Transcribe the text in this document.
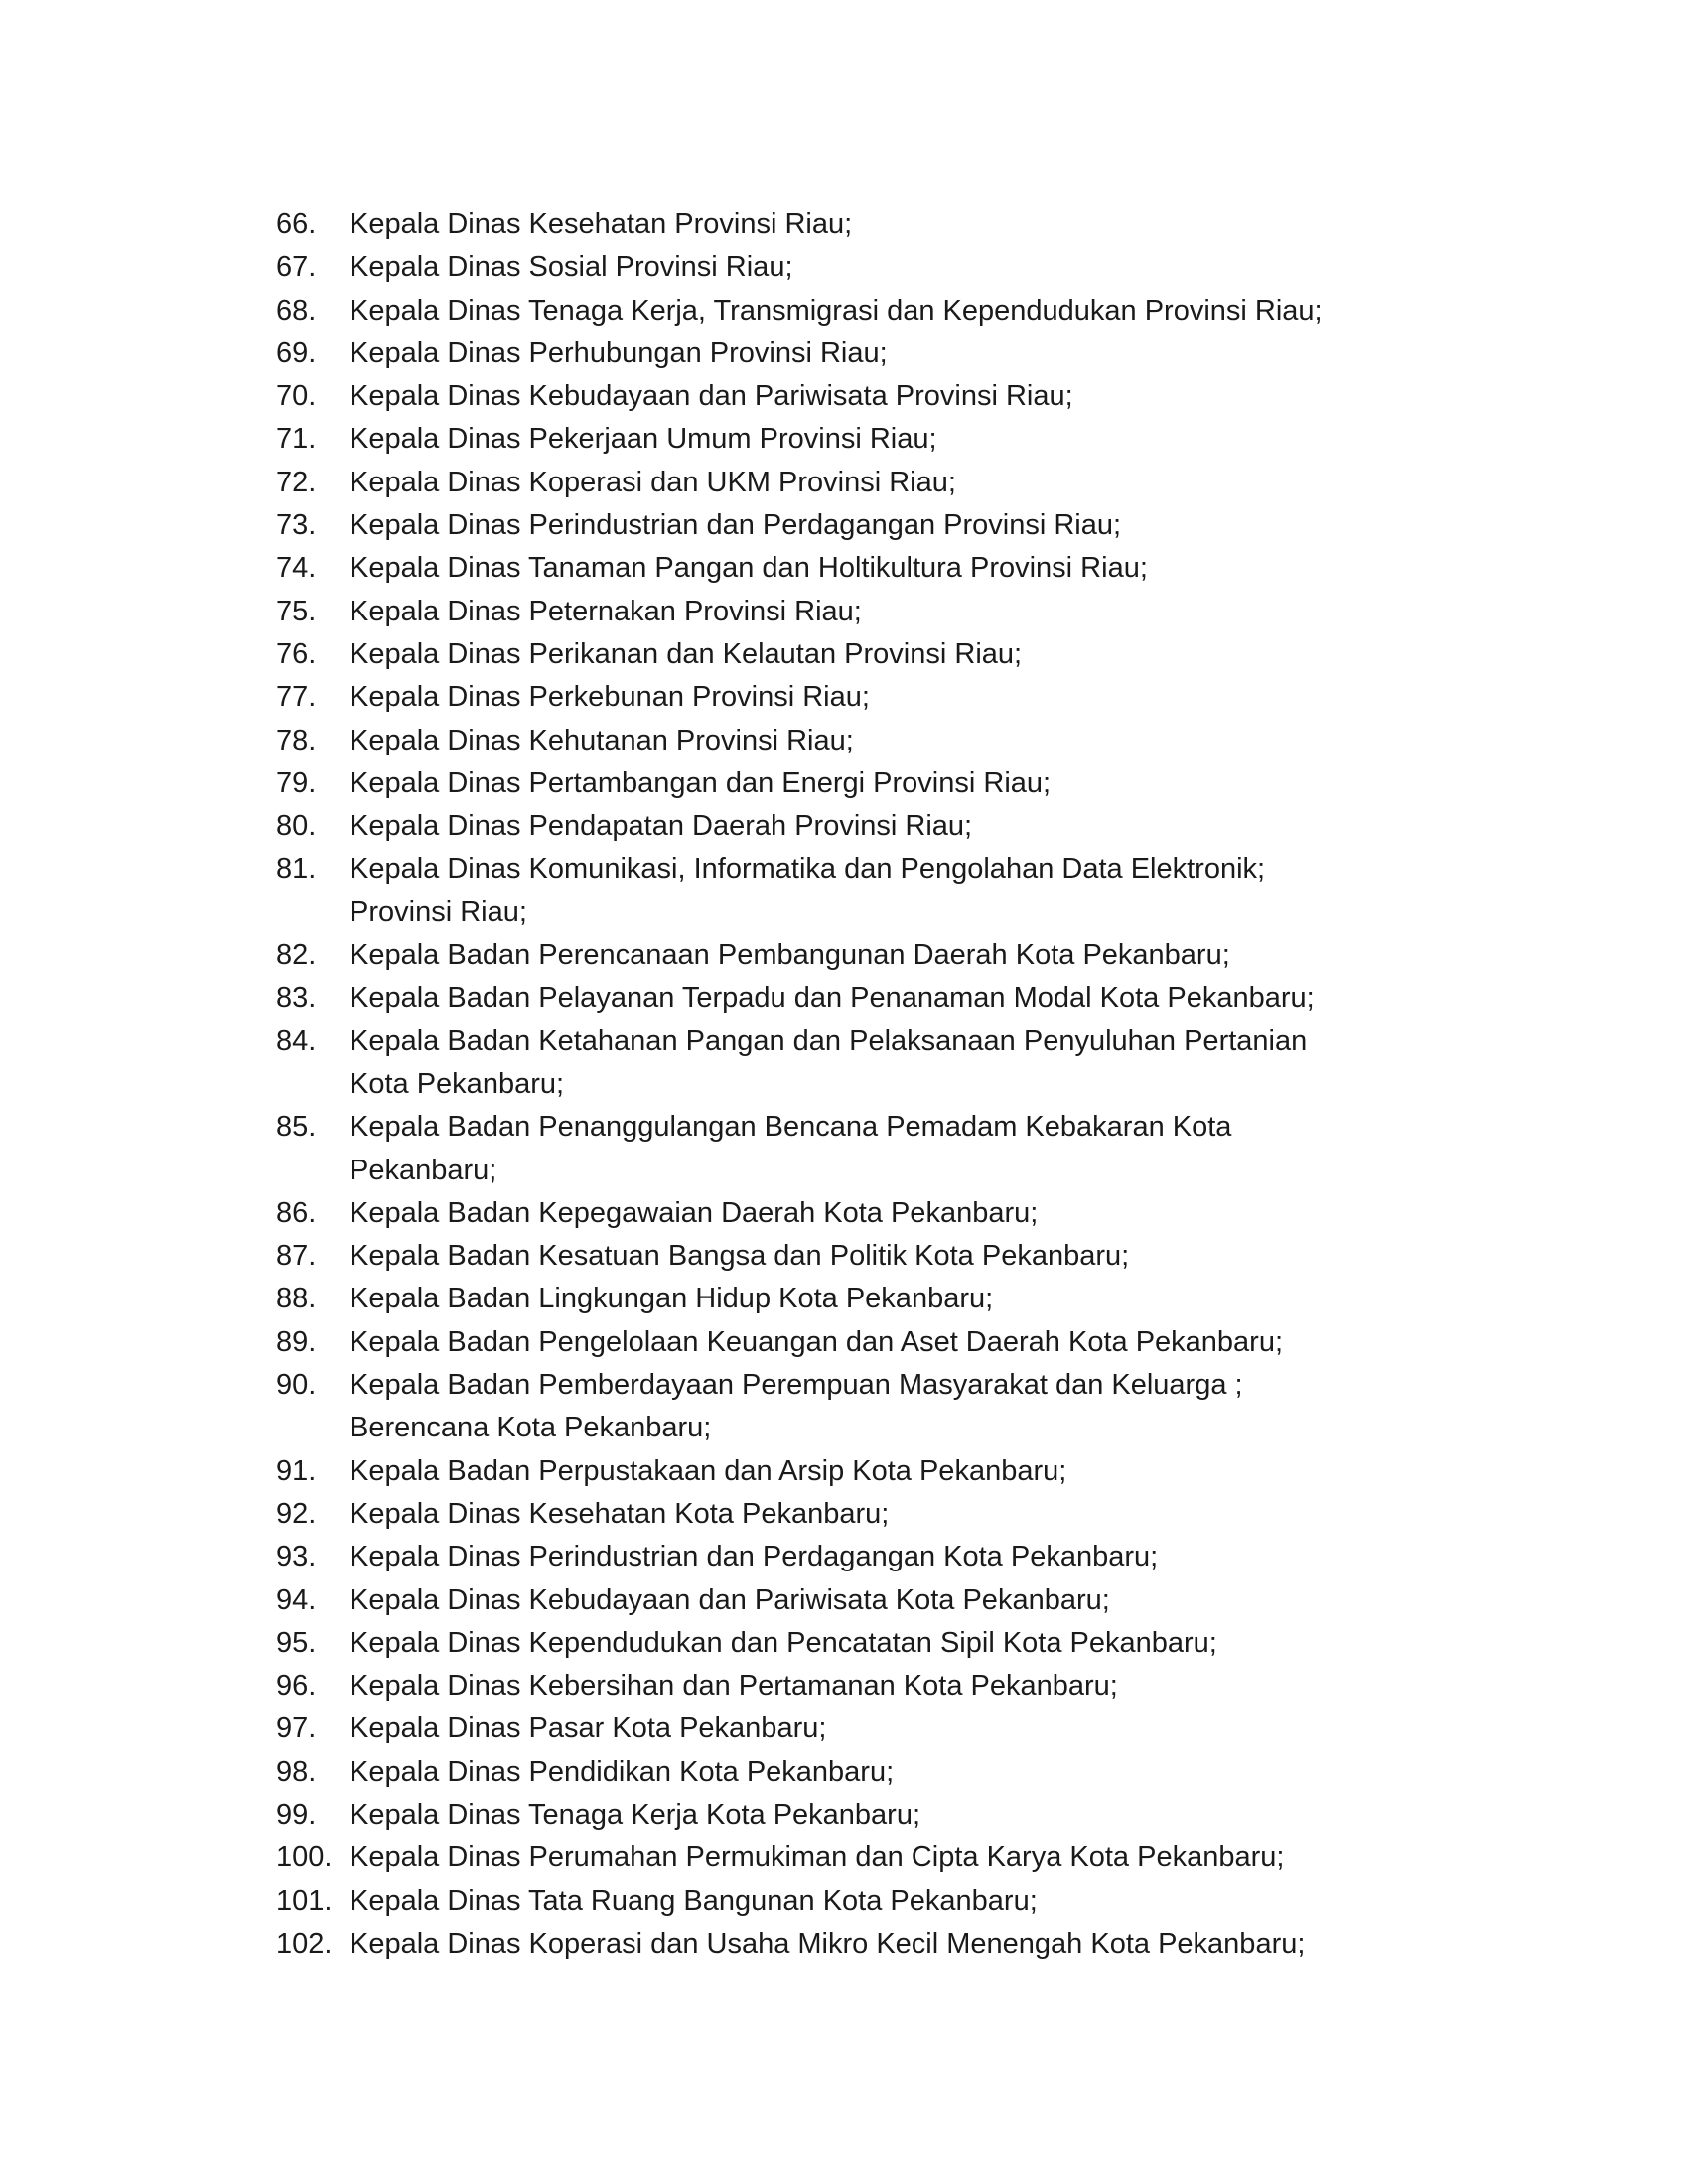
66.	Kepala Dinas Kesehatan Provinsi Riau;
67.	Kepala Dinas Sosial Provinsi Riau;
68.	Kepala Dinas Tenaga Kerja, Transmigrasi dan Kependudukan Provinsi Riau;
69.	Kepala Dinas Perhubungan Provinsi Riau;
70.	Kepala Dinas Kebudayaan dan Pariwisata Provinsi Riau;
71.	Kepala Dinas Pekerjaan Umum Provinsi Riau;
72.	Kepala Dinas Koperasi dan UKM Provinsi Riau;
73.	Kepala Dinas Perindustrian dan Perdagangan Provinsi Riau;
74.	Kepala Dinas Tanaman Pangan dan Holtikultura Provinsi Riau;
75.	Kepala Dinas Peternakan Provinsi Riau;
76.	Kepala Dinas Perikanan dan Kelautan Provinsi Riau;
77.	Kepala Dinas Perkebunan Provinsi Riau;
78.	Kepala Dinas Kehutanan Provinsi Riau;
79.	Kepala Dinas Pertambangan dan Energi Provinsi Riau;
80.	Kepala Dinas Pendapatan Daerah Provinsi Riau;
81.	Kepala Dinas Komunikasi, Informatika dan Pengolahan Data Elektronik;
Provinsi Riau;
82.	Kepala Badan Perencanaan Pembangunan Daerah Kota Pekanbaru;
83.	Kepala Badan Pelayanan Terpadu dan Penanaman Modal Kota Pekanbaru;
84.	Kepala Badan Ketahanan Pangan dan Pelaksanaan Penyuluhan Pertanian
Kota Pekanbaru;
85.	Kepala Badan Penanggulangan Bencana Pemadam Kebakaran Kota
Pekanbaru;
86.	Kepala Badan Kepegawaian Daerah Kota Pekanbaru;
87.	Kepala Badan Kesatuan Bangsa dan Politik Kota Pekanbaru;
88.	Kepala Badan Lingkungan Hidup Kota Pekanbaru;
89.	Kepala Badan Pengelolaan Keuangan dan Aset Daerah Kota Pekanbaru;
90.	Kepala Badan Pemberdayaan Perempuan Masyarakat dan Keluarga ;
Berencana Kota Pekanbaru;
91.	Kepala Badan Perpustakaan dan Arsip Kota Pekanbaru;
92.	Kepala Dinas Kesehatan Kota Pekanbaru;
93.	Kepala Dinas Perindustrian dan Perdagangan Kota Pekanbaru;
94.	Kepala Dinas Kebudayaan dan Pariwisata Kota Pekanbaru;
95.	Kepala Dinas Kependudukan dan Pencatatan Sipil Kota Pekanbaru;
96.	Kepala Dinas Kebersihan dan Pertamanan Kota Pekanbaru;
97.	Kepala Dinas Pasar Kota Pekanbaru;
98.	Kepala Dinas Pendidikan Kota Pekanbaru;
99.	Kepala Dinas Tenaga Kerja Kota Pekanbaru;
100. Kepala Dinas Perumahan Permukiman dan Cipta Karya Kota Pekanbaru;
101. Kepala Dinas Tata Ruang Bangunan Kota Pekanbaru;
102. Kepala Dinas Koperasi dan Usaha Mikro Kecil Menengah Kota Pekanbaru;
